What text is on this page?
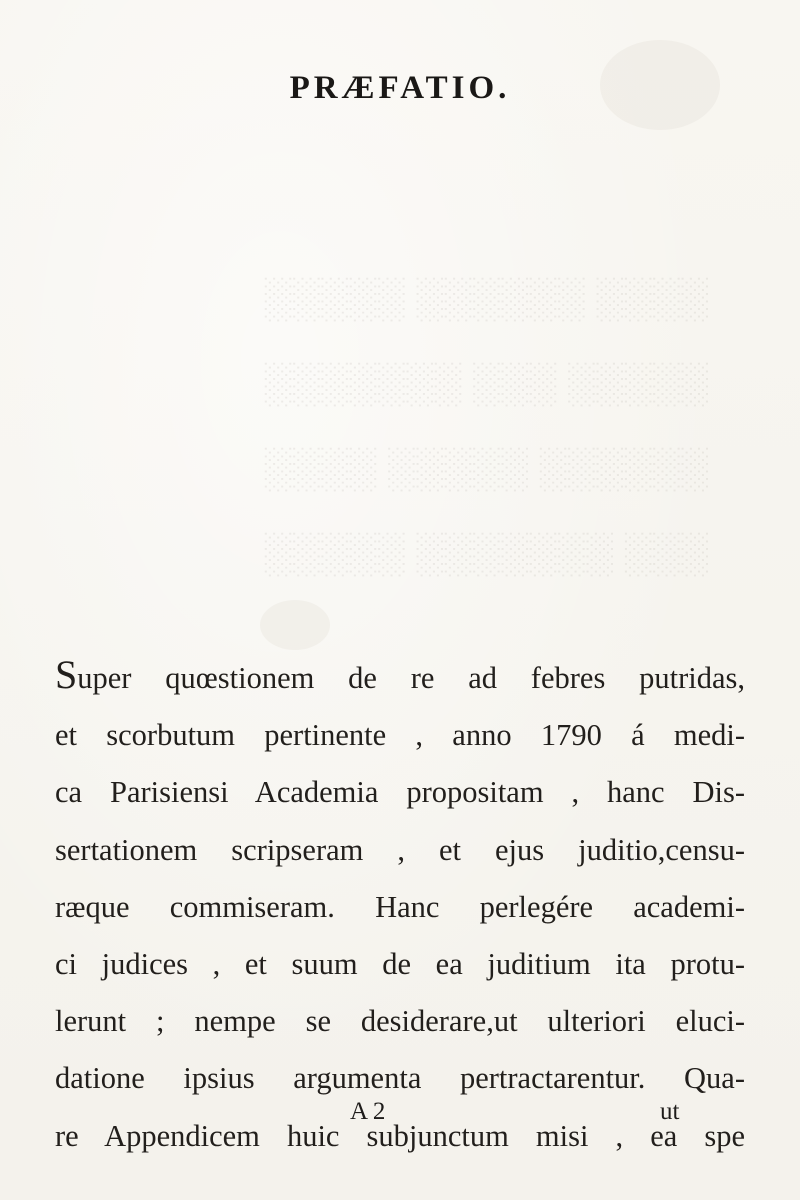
░░░░ ░░░░░░ ░░░░░
░░░░░ ░░░ ░░░░░░░
░░░░░░ ░░░░░ ░░░░
░░░ ░░░░░░░ ░░░░░

PRÆFATIO.
Super quœstionem de re ad febres putridas,
et scorbutum pertinente , anno 1790 á medi-
ca Parisiensi Academia propositam , hanc Dis-
sertationem scripseram , et ejus juditio,censu-
ræque commiseram. Hanc perlegére academi-
ci judices , et suum de ea juditium ita protu-
lerunt ; nempe se desiderare,ut ulteriori eluci-
datione ipsius argumenta pertractarentur. Qua-
re Appendicem huic subjunctum misi , ea spe
A 2	ut
